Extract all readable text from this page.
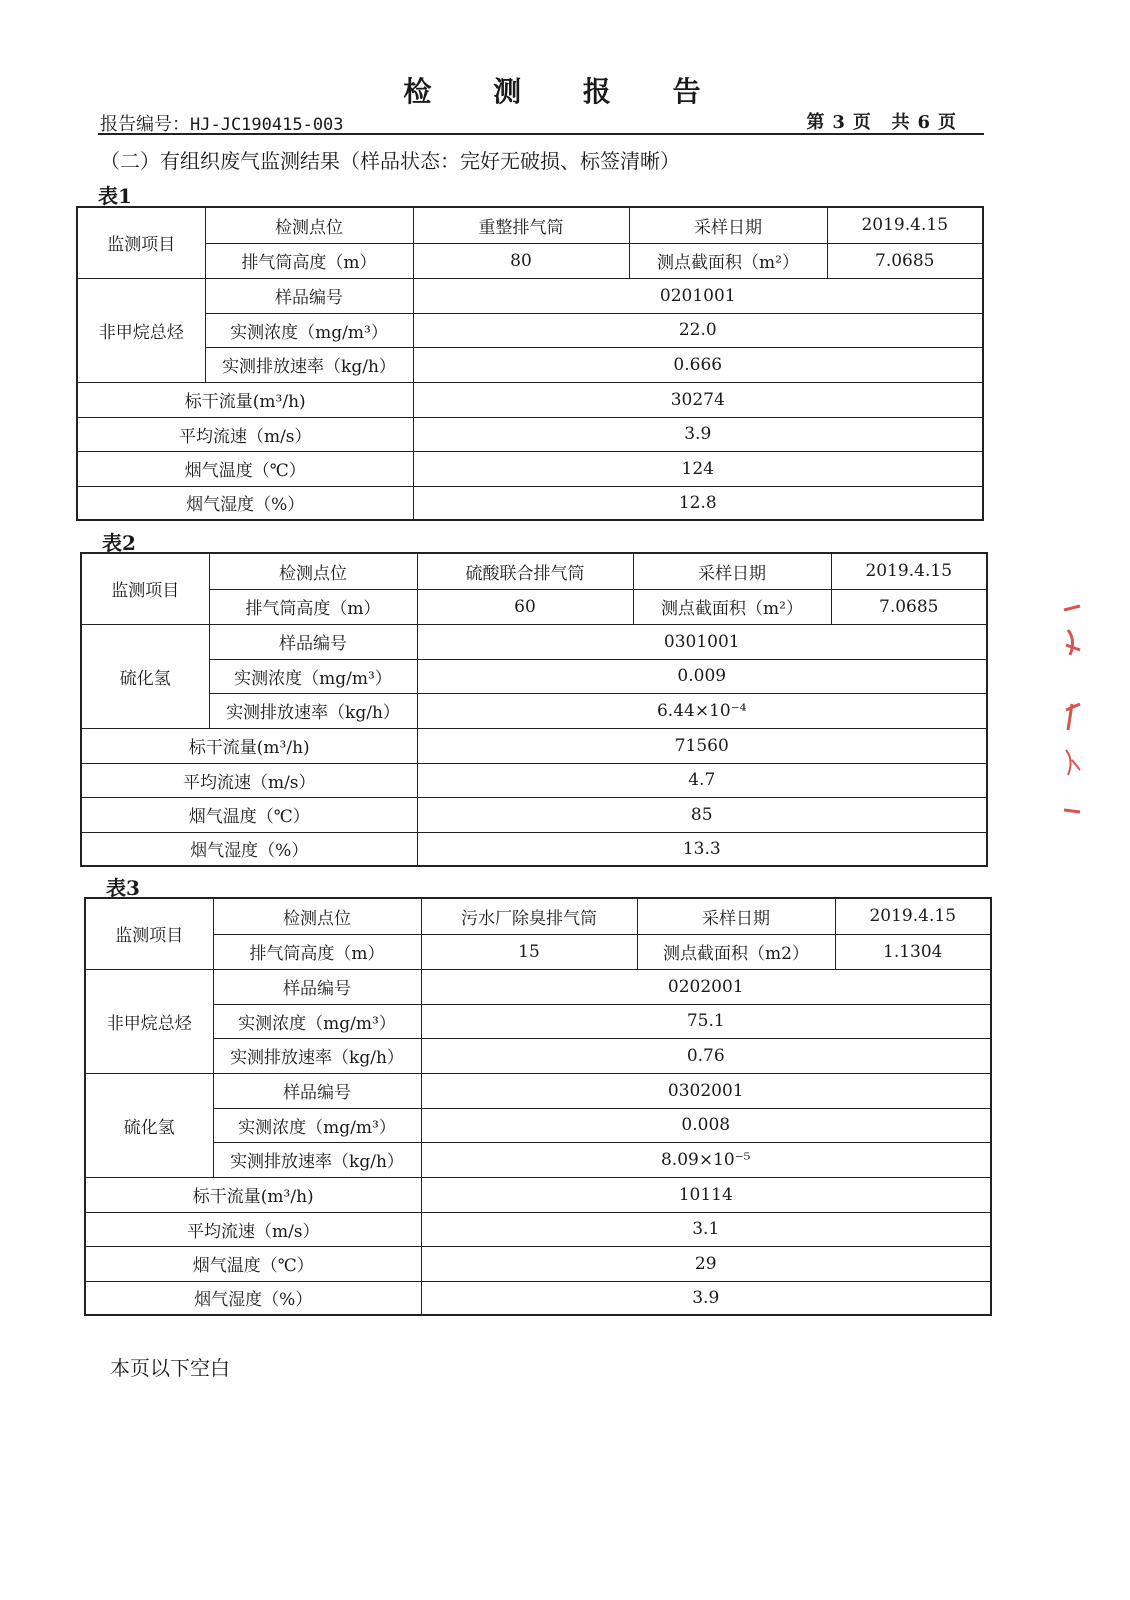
检 测 报 告
报告编号：HJ-JC190415-003	第 3 页 共 6 页
（二）有组织废气监测结果（样品状态：完好无破损、标签清晰）
表1
监测项目	检测点位	重整排气筒	采样日期	2019.4.15
	排气筒高度（m）	80	测点截面积（m²）	7.0685
非甲烷总烃	样品编号	0201001		
	实测浓度（mg/m³）	22.0		
	实测排放速率（kg/h）	0.666		
标干流量(m³/h)		30274		
平均流速（m/s）		3.9		
烟气温度（℃）		124		
烟气湿度（%）		12.8		
表2
监测项目	检测点位	硫酸联合排气筒	采样日期	2019.4.15
	排气筒高度（m）	60	测点截面积（m²）	7.0685
硫化氢	样品编号	0301001		
	实测浓度（mg/m³）	0.009		
	实测排放速率（kg/h）	6.44×10⁻⁴		
标干流量(m³/h)		71560		
平均流速（m/s）		4.7		
烟气温度（℃）		85		
烟气湿度（%）		13.3		
表3
监测项目	检测点位	污水厂除臭排气筒	采样日期	2019.4.15
	排气筒高度（m）	15	测点截面积（m2）	1.1304
非甲烷总烃	样品编号	0202001		
	实测浓度（mg/m³）	75.1		
	实测排放速率（kg/h）	0.76		
硫化氢	样品编号	0302001		
	实测浓度（mg/m³）	0.008		
	实测排放速率（kg/h）	8.09×10⁻⁵		
标干流量(m³/h)		10114		
平均流速（m/s）		3.1		
烟气温度（℃）		29		
烟气湿度（%）		3.9		
本页以下空白
